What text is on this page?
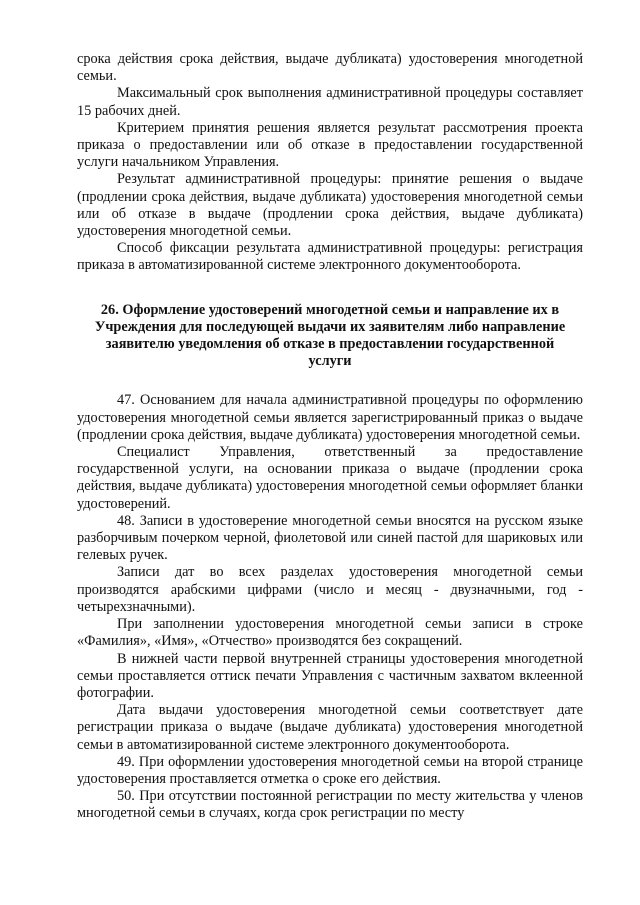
срока действия срока действия, выдаче дубликата) удостоверения многодетной семьи.

Максимальный срок выполнения административной процедуры составляет 15 рабочих дней.

Критерием принятия решения является результат рассмотрения проекта приказа о предоставлении или об отказе в предоставлении государственной услуги начальником Управления.

Результат административной процедуры: принятие решения о выдаче (продлении срока действия, выдаче дубликата) удостоверения многодетной семьи или об отказе в выдаче (продлении срока действия, выдаче дубликата) удостоверения многодетной семьи.

Способ фиксации результата административной процедуры: регистрация приказа в автоматизированной системе электронного документооборота.

26. Оформление удостоверений многодетной семьи и направление их в Учреждения для последующей выдачи их заявителям либо направление заявителю уведомления об отказе в предоставлении государственной услуги

47. Основанием для начала административной процедуры по оформлению удостоверения многодетной семьи является зарегистрированный приказ о выдаче (продлении срока действия, выдаче дубликата) удостоверения многодетной семьи.

Специалист Управления, ответственный за предоставление государственной услуги, на основании приказа о выдаче (продлении срока действия, выдаче дубликата) удостоверения многодетной семьи оформляет бланки удостоверений.

48. Записи в удостоверение многодетной семьи вносятся на русском языке разборчивым почерком черной, фиолетовой или синей пастой для шариковых или гелевых ручек.

Записи дат во всех разделах удостоверения многодетной семьи производятся арабскими цифрами (число и месяц - двузначными, год - четырехзначными).

При заполнении удостоверения многодетной семьи записи в строке «Фамилия», «Имя», «Отчество» производятся без сокращений.

В нижней части первой внутренней страницы удостоверения многодетной семьи проставляется оттиск печати Управления с частичным захватом вклеенной фотографии.

Дата выдачи удостоверения многодетной семьи соответствует дате регистрации приказа о выдаче (выдаче дубликата) удостоверения многодетной семьи в автоматизированной системе электронного документооборота.

49. При оформлении удостоверения многодетной семьи на второй странице удостоверения проставляется отметка о сроке его действия.

50. При отсутствии постоянной регистрации по месту жительства у членов многодетной семьи в случаях, когда срок регистрации по месту
